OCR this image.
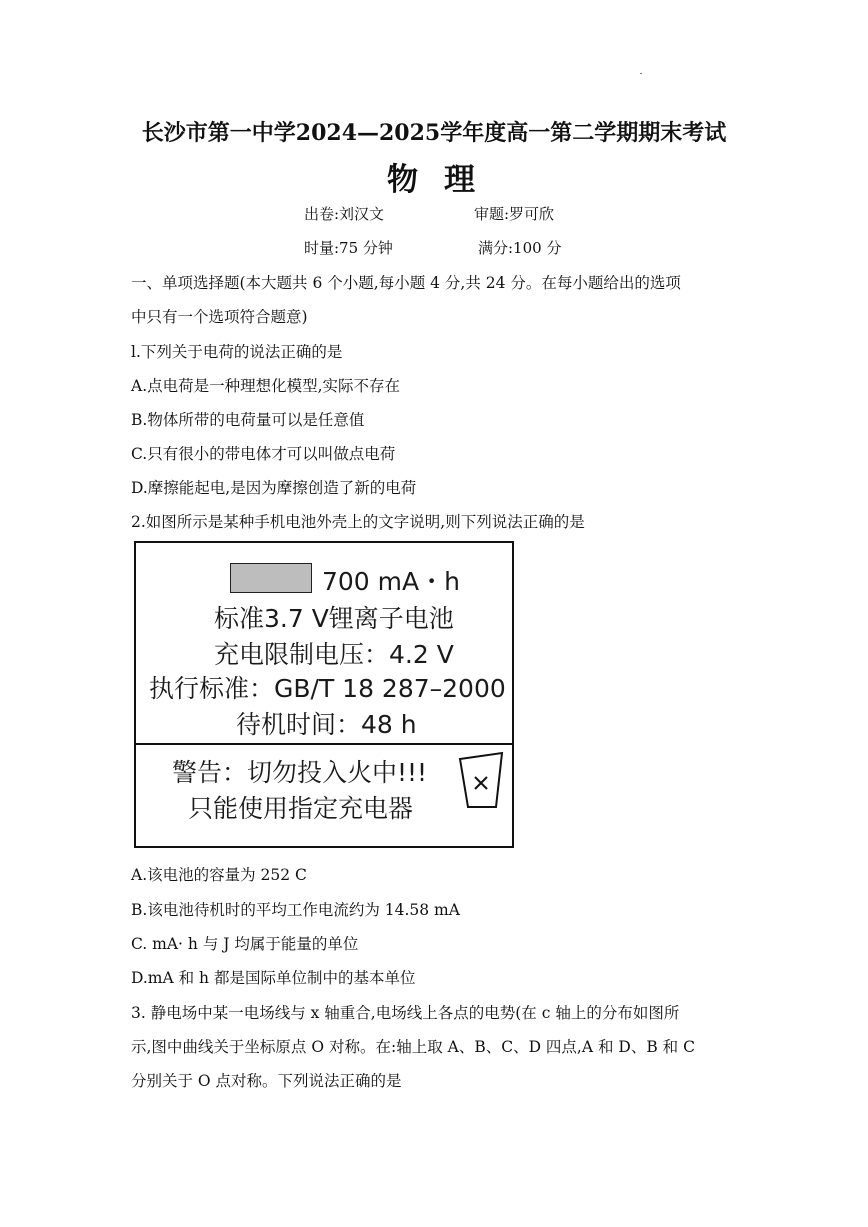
长沙市第一中学2024—2025学年度高一第二学期期末考试
物理
出卷:刘汉文	审题:罗可欣
时量:75 分钟	满分:100 分
一、单项选择题(本大题共 6 个小题,每小题 4 分,共 24 分。在每小题给出的选项
中只有一个选项符合题意)
l.下列关于电荷的说法正确的是
A.点电荷是一种理想化模型,实际不存在
B.物体所带的电荷量可以是任意值
C.只有很小的带电体才可以叫做点电荷
D.摩擦能起电,是因为摩擦创造了新的电荷
2.如图所示是某种手机电池外壳上的文字说明,则下列说法正确的是
700 mA・h
标准3.7 V锂离子电池
充电限制电压：4.2 V
执行标准：GB/T 18 287–2000
待机时间：48 h
警告：切勿投入火中!!!
只能使用指定充电器
A.该电池的容量为 252 C
B.该电池待机时的平均工作电流约为 14.58 mA
C. mA· h 与 J 均属于能量的单位
D.mA 和 h 都是国际单位制中的基本单位
3. 静电场中某一电场线与 x 轴重合,电场线上各点的电势(在 c 轴上的分布如图所
示,图中曲线关于坐标原点 O 对称。在:轴上取 A、B、C、D 四点,A 和 D、B 和 C
分别关于 O 点对称。下列说法正确的是
